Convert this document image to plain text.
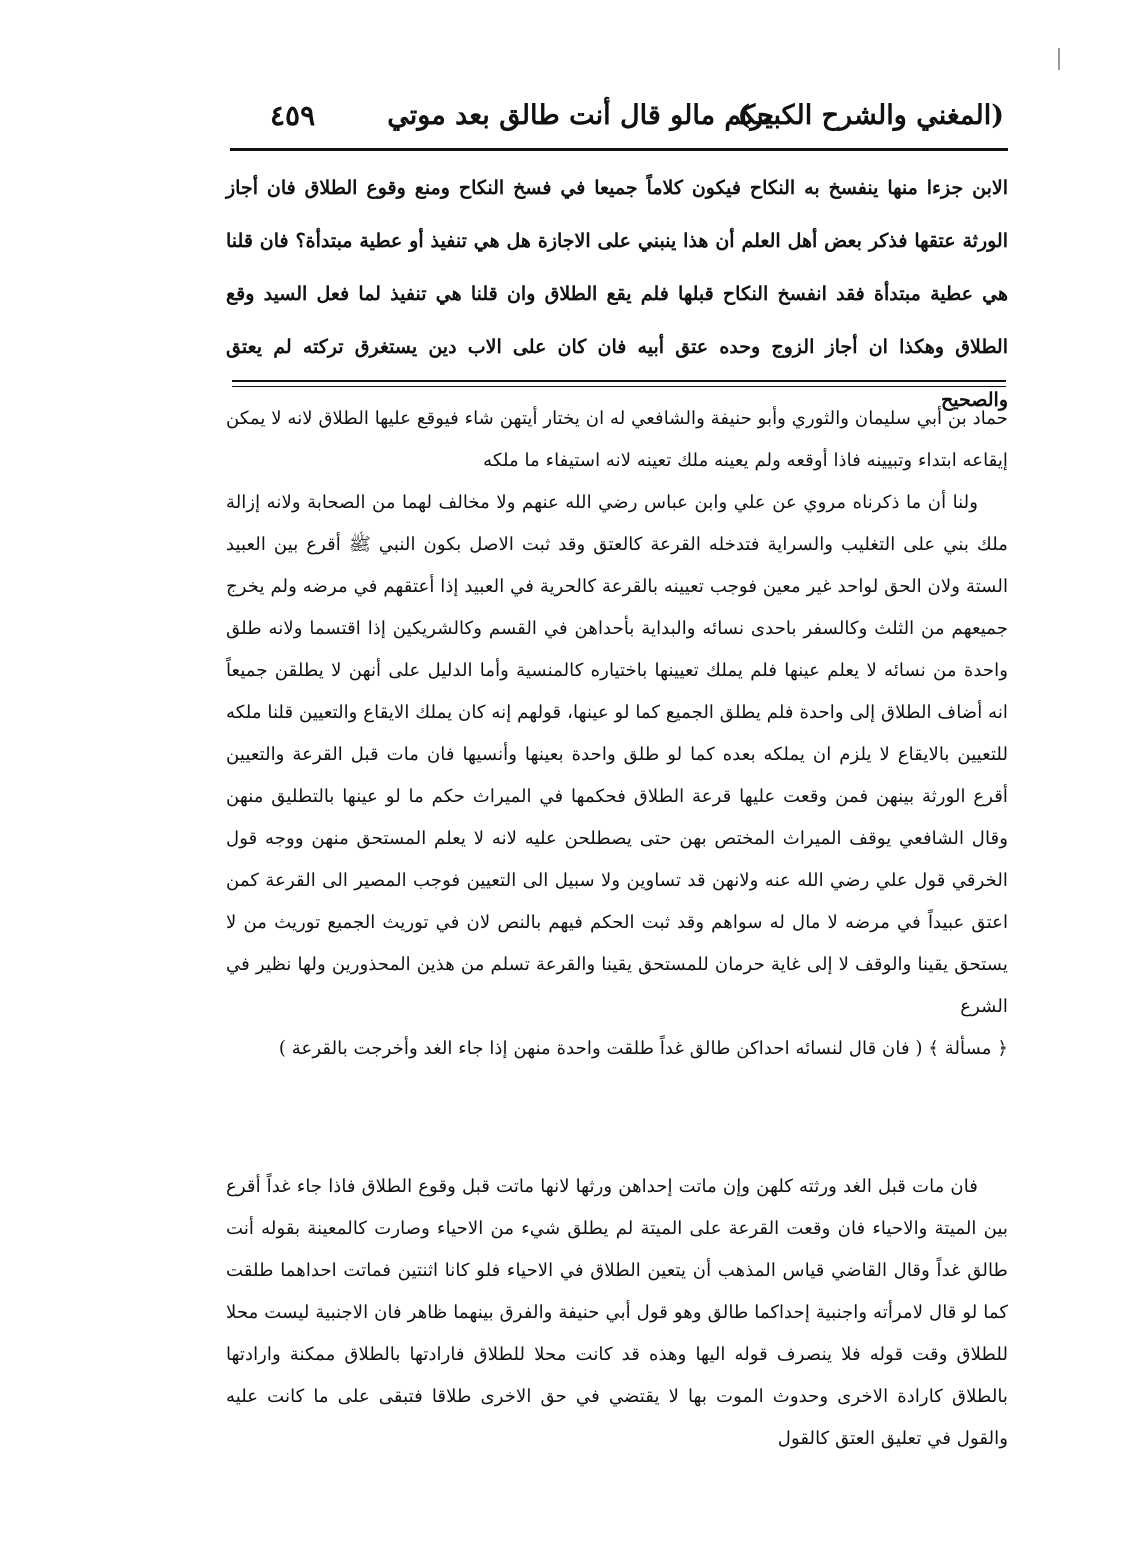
(المغني والشرح الكبير)
حكم مالو قال أنت طالق بعد موتي
٤٥٩

الابن جزءا منها ينفسخ به النكاح فيكون كلاماً جميعا في فسخ النكاح ومنع وقوع الطلاق فان أجاز الورثة عتقها فذكر بعض أهل العلم أن هذا ينبني على الاجازة هل هي تنفيذ أو عطية مبتدأة؟ فان قلنا هي عطية مبتدأة فقد انفسخ النكاح قبلها فلم يقع الطلاق وان قلنا هي تنفيذ لما فعل السيد وقع الطلاق وهكذا ان أجاز الزوج وحده عتق أبيه فان كان على الاب دين يستغرق تركته لم يعتق والصحيح

حماد بن أبي سليمان والثوري وأبو حنيفة والشافعي له ان يختار أيتهن شاء فيوقع عليها الطلاق لانه لا يمكن إيقاعه ابتداء وتبيينه فاذا أوقعه ولم يعينه ملك تعينه لانه استيفاء ما ملكه

ولنا أن ما ذكرناه مروي عن علي وابن عباس رضي الله عنهم ولا مخالف لهما من الصحابة ولانه إزالة ملك بني على التغليب والسراية فتدخله القرعة كالعتق وقد ثبت الاصل بكون النبي ﷺ أقرع بين العبيد الستة ولان الحق لواحد غير معين فوجب تعيينه بالقرعة كالحرية في العبيد إذا أعتقهم في مرضه ولم يخرج جميعهم من الثلث وكالسفر باحدى نسائه والبداية بأحداهن في القسم وكالشريكين إذا اقتسما ولانه طلق واحدة من نسائه لا يعلم عينها فلم يملك تعيينها باختياره كالمنسية وأما الدليل على أنهن لا يطلقن جميعاً انه أضاف الطلاق إلى واحدة فلم يطلق الجميع كما لو عينها، قولهم إنه كان يملك الايقاع والتعيين قلنا ملكه للتعيين بالايقاع لا يلزم ان يملكه بعده كما لو طلق واحدة بعينها وأنسيها فان مات قبل القرعة والتعيين أقرع الورثة بينهن فمن وقعت عليها قرعة الطلاق فحكمها في الميراث حكم ما لو عينها بالتطليق منهن وقال الشافعي يوقف الميراث المختص بهن حتى يصطلحن عليه لانه لا يعلم المستحق منهن ووجه قول الخرقي قول علي رضي الله عنه ولانهن قد تساوين ولا سبيل الى التعيين فوجب المصير الى القرعة كمن اعتق عبيداً في مرضه لا مال له سواهم وقد ثبت الحكم فيهم بالنص لان في توريث الجميع توريث من لا يستحق يقينا والوقف لا إلى غاية حرمان للمستحق يقينا والقرعة تسلم من هذين المحذورين ولها نظير في الشرع

﴿ مسألة ﴾ ( فان قال لنسائه احداكن طالق غداً طلقت واحدة منهن إذا جاء الغد وأخرجت بالقرعة )

فان مات قبل الغد ورثته كلهن وإن ماتت إحداهن ورثها لانها ماتت قبل وقوع الطلاق فاذا جاء غداً أقرع بين الميتة والاحياء فان وقعت القرعة على الميتة لم يطلق شيء من الاحياء وصارت كالمعينة بقوله أنت طالق غداً وقال القاضي قياس المذهب أن يتعين الطلاق في الاحياء فلو كانا اثنتين فماتت احداهما طلقت كما لو قال لامرأته واجنبية إحداكما طالق وهو قول أبي حنيفة والفرق بينهما ظاهر فان الاجنبية ليست محلا للطلاق وقت قوله فلا ينصرف قوله اليها وهذه قد كانت محلا للطلاق فارادتها بالطلاق ممكنة وارادتها بالطلاق كارادة الاخرى وحدوث الموت بها لا يقتضي في حق الاخرى طلاقا فتبقى على ما كانت عليه والقول في تعليق العتق كالقول
